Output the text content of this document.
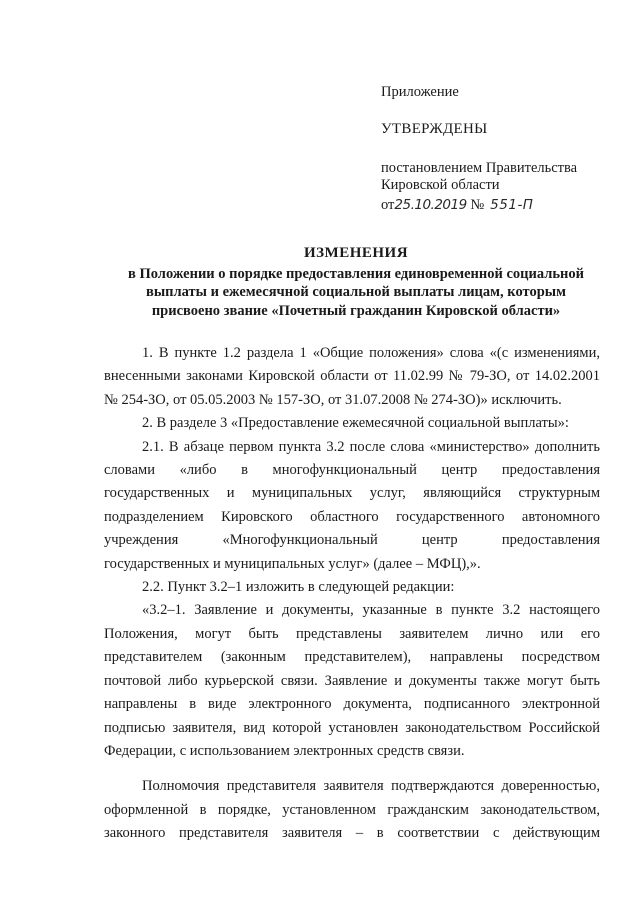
Приложение
УТВЕРЖДЕНЫ
постановлением Правительства
Кировской области
от25.10.2019 № 551-П
ИЗМЕНЕНИЯ
в Положении о порядке предоставления единовременной социальной
выплаты и ежемесячной социальной выплаты лицам, которым
присвоено звание «Почетный гражданин Кировской области»
1. В пункте 1.2 раздела 1 «Общие положения» слова «(с изменениями,
внесенными законами Кировской области от 11.02.99 № 79-ЗО, от 14.02.2001
№ 254-ЗО, от 05.05.2003 № 157-ЗО, от 31.07.2008 № 274-ЗО)» исключить.
2. В разделе 3 «Предоставление ежемесячной социальной выплаты»:
2.1. В абзаце первом пункта 3.2 после слова «министерство» дополнить
словами «либо в многофункциональный центр предоставления
государственных и муниципальных услуг, являющийся структурным
подразделением Кировского областного государственного автономного
учреждения «Многофункциональный центр предоставления
государственных и муниципальных услуг» (далее – МФЦ),».
2.2. Пункт 3.2–1 изложить в следующей редакции:
«3.2–1. Заявление и документы, указанные в пункте 3.2 настоящего
Положения, могут быть представлены заявителем лично или его
представителем (законным представителем), направлены посредством
почтовой либо курьерской связи. Заявление и документы также могут быть
направлены в виде электронного документа, подписанного электронной
подписью заявителя, вид которой установлен законодательством Российской
Федерации, с использованием электронных средств связи.
Полномочия представителя заявителя подтверждаются доверенностью,
оформленной в порядке, установленном гражданским законодательством,
законного представителя заявителя – в соответствии с действующим
